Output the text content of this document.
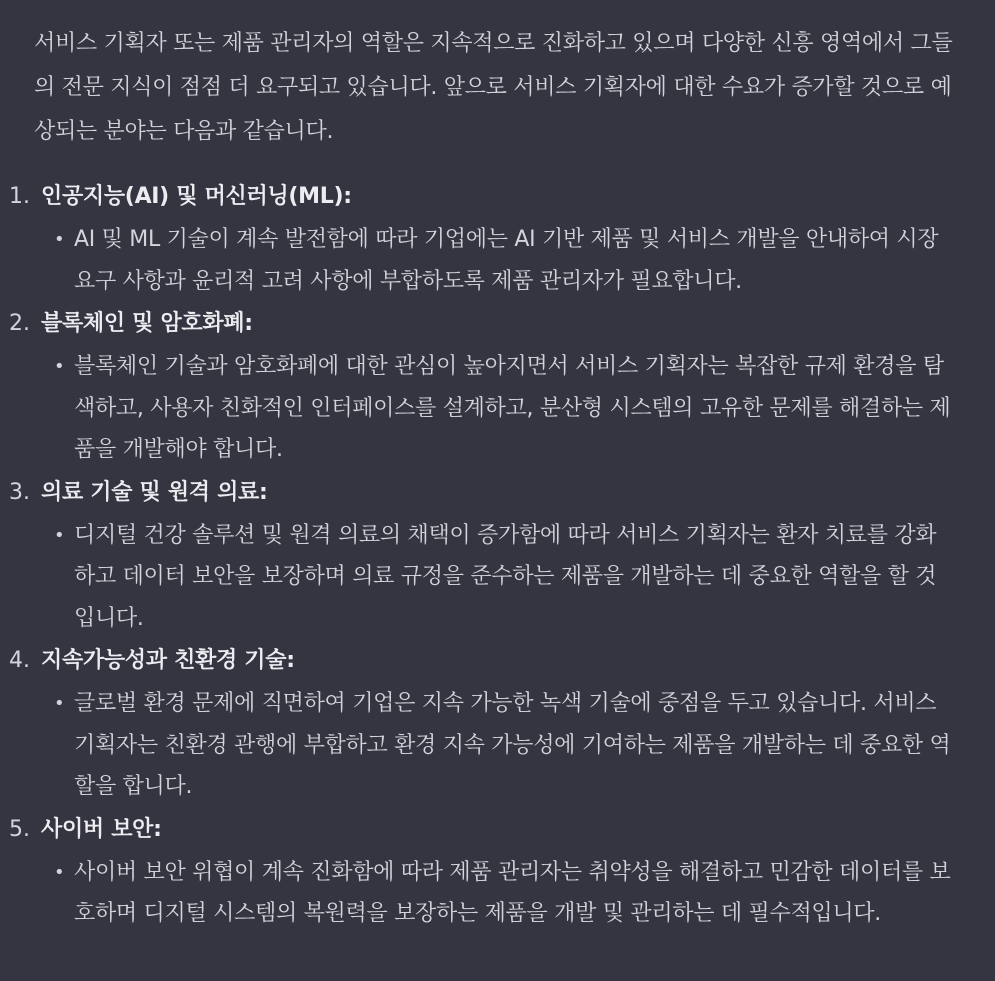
서비스 기획자 또는 제품 관리자의 역할은 지속적으로 진화하고 있으며 다양한 신흥 영역에서 그들의 전문 지식이 점점 더 요구되고 있습니다. 앞으로 서비스 기획자에 대한 수요가 증가할 것으로 예상되는 분야는 다음과 같습니다.

1. 인공지능(AI) 및 머신러닝(ML):
• AI 및 ML 기술이 계속 발전함에 따라 기업에는 AI 기반 제품 및 서비스 개발을 안내하여 시장 요구 사항과 윤리적 고려 사항에 부합하도록 제품 관리자가 필요합니다.
2. 블록체인 및 암호화폐:
• 블록체인 기술과 암호화폐에 대한 관심이 높아지면서 서비스 기획자는 복잡한 규제 환경을 탐색하고, 사용자 친화적인 인터페이스를 설계하고, 분산형 시스템의 고유한 문제를 해결하는 제품을 개발해야 합니다.
3. 의료 기술 및 원격 의료:
• 디지털 건강 솔루션 및 원격 의료의 채택이 증가함에 따라 서비스 기획자는 환자 치료를 강화하고 데이터 보안을 보장하며 의료 규정을 준수하는 제품을 개발하는 데 중요한 역할을 할 것입니다.
4. 지속가능성과 친환경 기술:
• 글로벌 환경 문제에 직면하여 기업은 지속 가능한 녹색 기술에 중점을 두고 있습니다. 서비스 기획자는 친환경 관행에 부합하고 환경 지속 가능성에 기여하는 제품을 개발하는 데 중요한 역할을 합니다.
5. 사이버 보안:
• 사이버 보안 위협이 계속 진화함에 따라 제품 관리자는 취약성을 해결하고 민감한 데이터를 보호하며 디지털 시스템의 복원력을 보장하는 제품을 개발 및 관리하는 데 필수적입니다.
